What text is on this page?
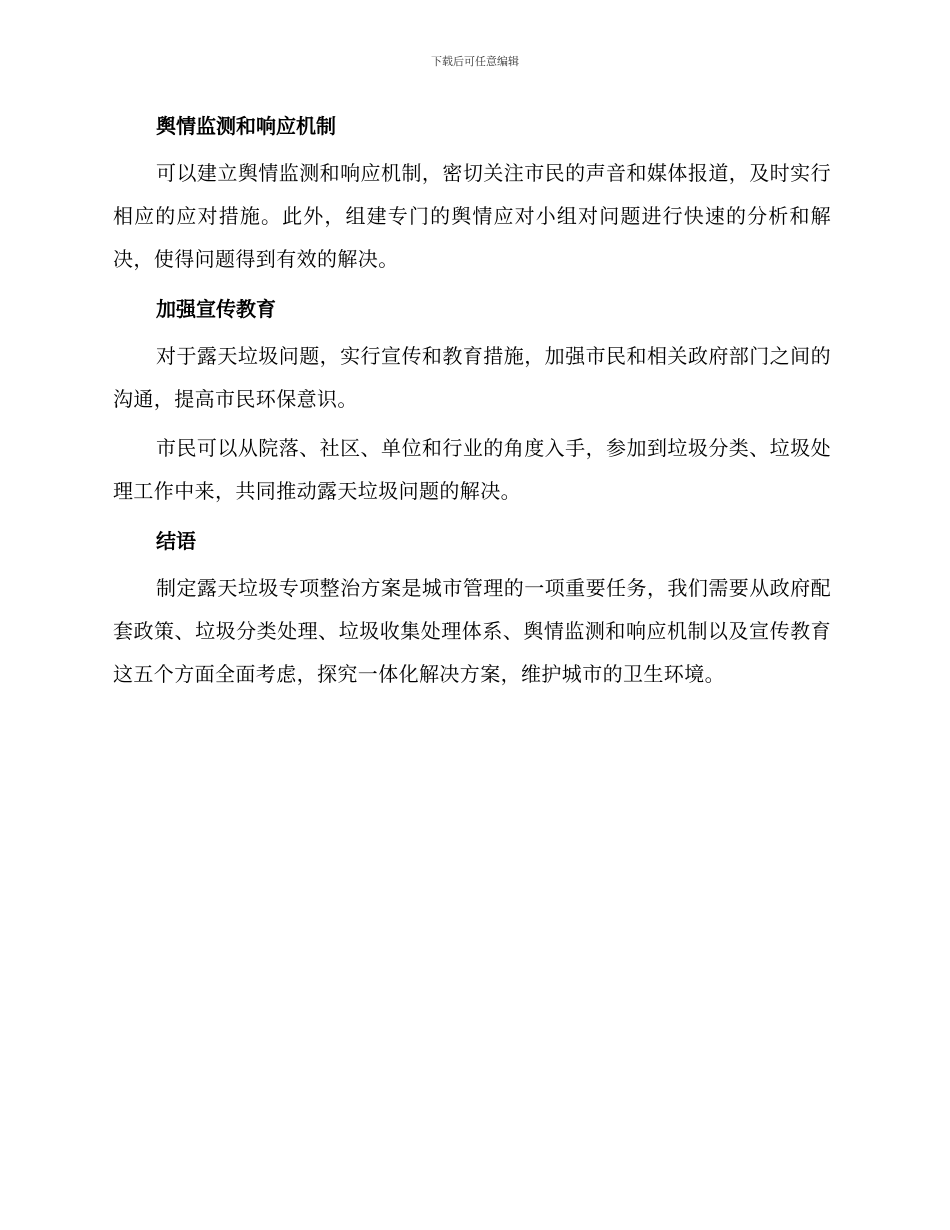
下载后可任意编辑
舆情监测和响应机制

可以建立舆情监测和响应机制，密切关注市民的声音和媒体报道，及时实行相应的应对措施。此外，组建专门的舆情应对小组对问题进行快速的分析和解决，使得问题得到有效的解决。

加强宣传教育

对于露天垃圾问题，实行宣传和教育措施，加强市民和相关政府部门之间的沟通，提高市民环保意识。

市民可以从院落、社区、单位和行业的角度入手，参加到垃圾分类、垃圾处理工作中来，共同推动露天垃圾问题的解决。

结语

制定露天垃圾专项整治方案是城市管理的一项重要任务，我们需要从政府配套政策、垃圾分类处理、垃圾收集处理体系、舆情监测和响应机制以及宣传教育这五个方面全面考虑，探究一体化解决方案，维护城市的卫生环境。
